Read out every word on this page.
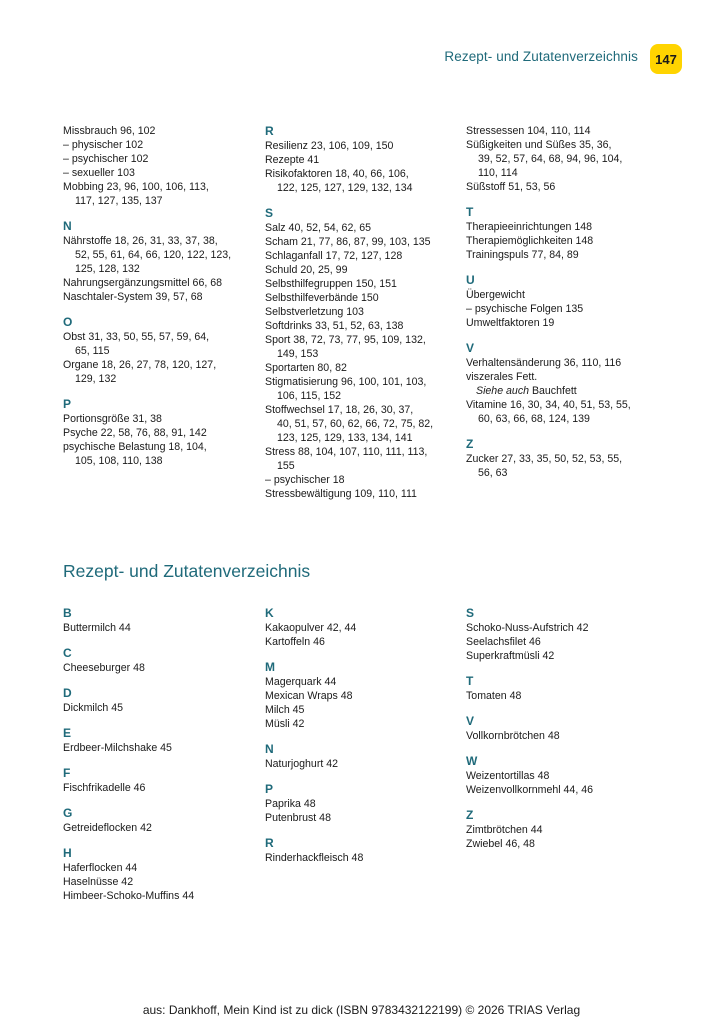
Rezept- und Zutatenverzeichnis	147

Missbrauch 96, 102

– physischer 102

– psychischer 102

– sexueller 103

Mobbing 23, 96, 100, 106, 113,

117, 127, 135, 137

N

Nährstoffe 18, 26, 31, 33, 37, 38,

52, 55, 61, 64, 66, 120, 122, 123,

125, 128, 132

Nahrungsergänzungsmittel 66, 68

Naschtaler-System 39, 57, 68

O

Obst 31, 33, 50, 55, 57, 59, 64,

65, 115

Organe 18, 26, 27, 78, 120, 127,

129, 132

P

Portionsgröße 31, 38

Psyche 22, 58, 76, 88, 91, 142

psychische Belastung 18, 104,

105, 108, 110, 138

R

Resilienz 23, 106, 109, 150

Rezepte 41

Risikofaktoren 18, 40, 66, 106,

122, 125, 127, 129, 132, 134

S

Salz 40, 52, 54, 62, 65

Scham 21, 77, 86, 87, 99, 103, 135

Schlaganfall 17, 72, 127, 128

Schuld 20, 25, 99

Selbsthilfegruppen 150, 151

Selbsthilfeverbände 150

Selbstverletzung 103

Softdrinks 33, 51, 52, 63, 138

Sport 38, 72, 73, 77, 95, 109, 132,

149, 153

Sportarten 80, 82

Stigmatisierung 96, 100, 101, 103,

106, 115, 152

Stoffwechsel 17, 18, 26, 30, 37,

40, 51, 57, 60, 62, 66, 72, 75, 82,

123, 125, 129, 133, 134, 141

Stress 88, 104, 107, 110, 111, 113,

155

– psychischer 18

Stressbewältigung 109, 110, 111

Stressessen 104, 110, 114

Süßigkeiten und Süßes 35, 36,

39, 52, 57, 64, 68, 94, 96, 104,

110, 114

Süßstoff 51, 53, 56

T

Therapieeinrichtungen 148

Therapiemöglichkeiten 148

Trainingspuls 77, 84, 89

U

Übergewicht

– psychische Folgen 135

Umweltfaktoren 19

V

Verhaltensänderung 36, 110, 116

viszerales Fett.

Siehe auch Bauchfett

Vitamine 16, 30, 34, 40, 51, 53, 55,

60, 63, 66, 68, 124, 139

Z

Zucker 27, 33, 35, 50, 52, 53, 55,

56, 63

Rezept- und Zutatenverzeichnis

B

Buttermilch 44

C

Cheeseburger 48

D

Dickmilch 45

E

Erdbeer-Milchshake 45

F

Fischfrikadelle 46

G

Getreideflocken 42

H

Haferflocken 44

Haselnüsse 42

Himbeer-Schoko-Muffins 44

K

Kakaopulver 42, 44

Kartoffeln 46

M

Magerquark 44

Mexican Wraps 48

Milch 45

Müsli 42

N

Naturjoghurt 42

P

Paprika 48

Putenbrust 48

R

Rinderhackfleisch 48

S

Schoko-Nuss-Aufstrich 42

Seelachsfilet 46

Superkraftmüsli 42

T

Tomaten 48

V

Vollkornbrötchen 48

W

Weizentortillas 48

Weizenvollkornmehl 44, 46

Z

Zimtbrötchen 44

Zwiebel 46, 48

aus: Dankhoff, Mein Kind ist zu dick (ISBN 9783432122199) © 2026 TRIAS Verlag
